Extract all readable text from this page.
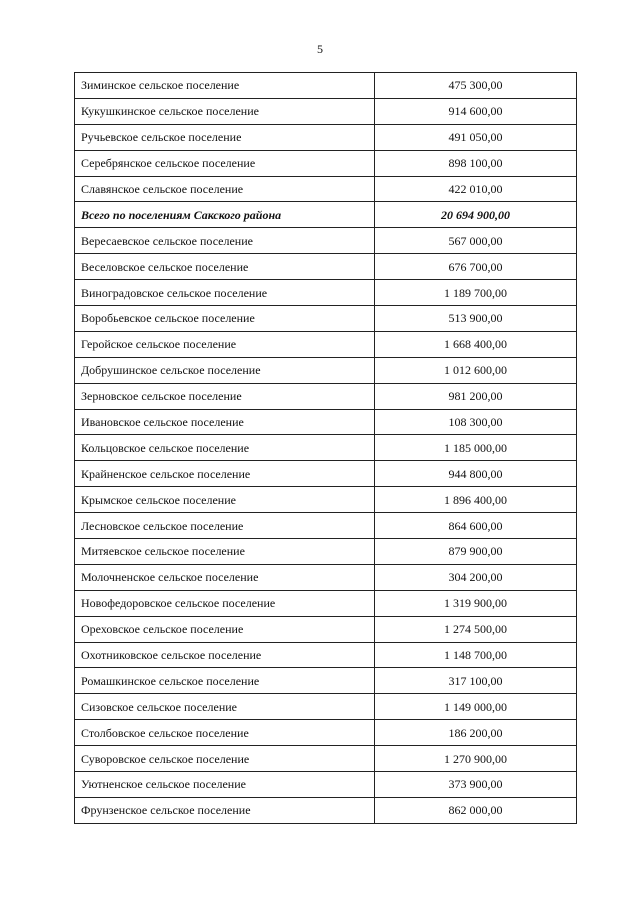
5
Зиминское сельское поселение	475 300,00
Кукушкинское сельское поселение	914 600,00
Ручьевское сельское поселение	491 050,00
Серебрянское сельское поселение	898 100,00
Славянское сельское поселение	422 010,00
Всего по поселениям Сакского района	20 694 900,00
Вересаевское сельское поселение	567 000,00
Веселовское сельское поселение	676 700,00
Виноградовское сельское поселение	1 189 700,00
Воробьевское сельское поселение	513 900,00
Геройское сельское поселение	1 668 400,00
Добрушинское сельское поселение	1 012 600,00
Зерновское сельское поселение	981 200,00
Ивановское сельское поселение	108 300,00
Кольцовское сельское поселение	1 185 000,00
Крайненское сельское поселение	944 800,00
Крымское сельское поселение	1 896 400,00
Лесновское сельское поселение	864 600,00
Митяевское сельское поселение	879 900,00
Молочненское сельское поселение	304 200,00
Новофедоровское сельское поселение	1 319 900,00
Ореховское сельское поселение	1 274 500,00
Охотниковское сельское поселение	1 148 700,00
Ромашкинское сельское поселение	317 100,00
Сизовское сельское поселение	1 149 000,00
Столбовское сельское поселение	186 200,00
Суворовское сельское поселение	1 270 900,00
Уютненское сельское поселение	373 900,00
Фрунзенское сельское поселение	862 000,00
